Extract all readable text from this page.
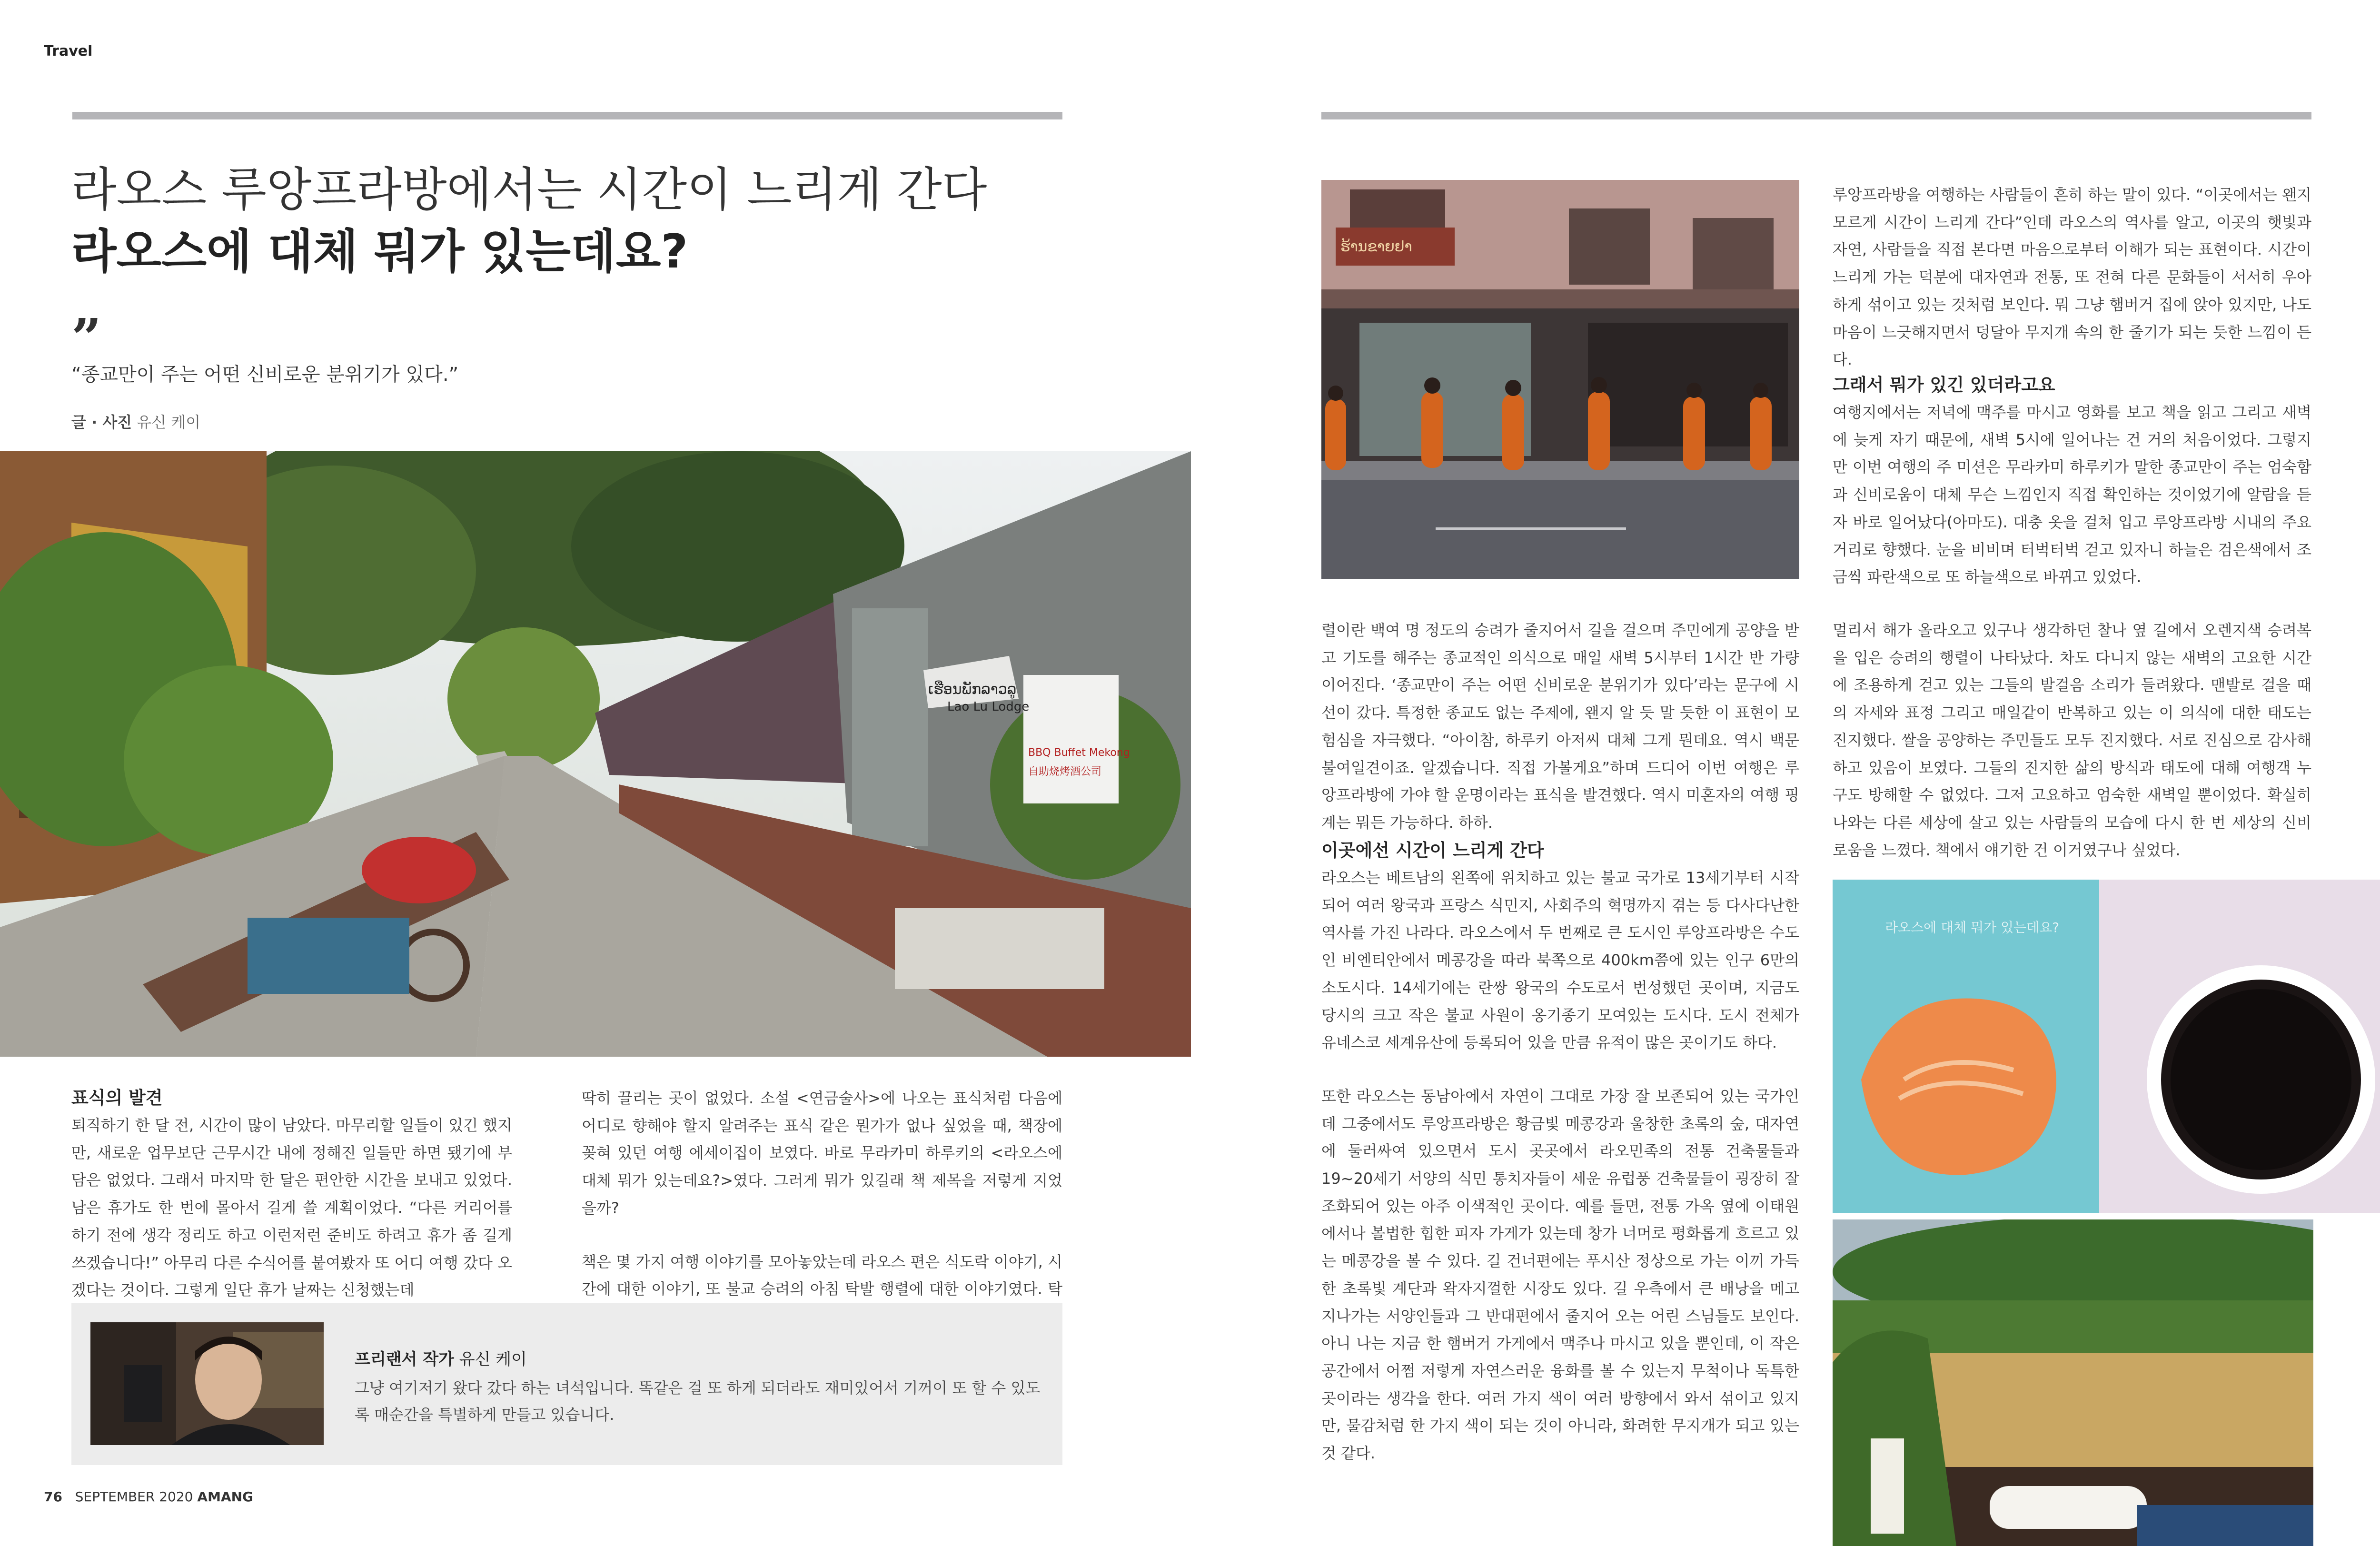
Travel
라오스 루앙프라방에서는 시간이 느리게 간다
라오스에 대체 뭐가 있는데요?
”
“종교만이 주는 어떤 신비로운 분위기가 있다.”
글 · 사진 유신 케이
ເຮືອນພັກລາວລູ
Lao Lu Lodge
BBQ Buffet Mekong
自助烧烤酒公司
표식의 발견

퇴직하기 한 달 전, 시간이 많이 남았다. 마무리할 일들이 있긴 했지만, 새로운 업무보단 근무시간 내에 정해진 일들만 하면 됐기에 부담은 없었다. 그래서 마지막 한 달은 편안한 시간을 보내고 있었다. 남은 휴가도 한 번에 몰아서 길게 쓸 계획이었다. “다른 커리어를 하기 전에 생각 정리도 하고 이런저런 준비도 하려고 휴가 좀 길게 쓰겠습니다!” 아무리 다른 수식어를 붙여봤자 또 어디 여행 갔다 오겠다는 것이다. 그렇게 일단 휴가 날짜는 신청했는데

딱히 끌리는 곳이 없었다. 소설 <연금술사>에 나오는 표식처럼 다음에 어디로 향해야 할지 알려주는 표식 같은 뭔가가 없나 싶었을 때, 책장에 꽂혀 있던 여행 에세이집이 보였다. 바로 무라카미 하루키의 <라오스에 대체 뭐가 있는데요?>였다. 그러게 뭐가 있길래 책 제목을 저렇게 지었을까?

책은 몇 가지 여행 이야기를 모아놓았는데 라오스 편은 식도락 이야기, 시간에 대한 이야기, 또 불교 승려의 아침 탁발 행렬에 대한 이야기였다. 탁

프리랜서 작가 유신 케이
그냥 여기저기 왔다 갔다 하는 녀석입니다. 똑같은 걸 또 하게 되더라도 재미있어서 기꺼이 또 할 수 있도록 매순간을 특별하게 만들고 있습니다.
76 SEPTEMBER 2020 AMANG
ຮ້ານຂາຍຢາ
라오스에 대체 뭐가 있는데요?

렬이란 백여 명 정도의 승려가 줄지어서 길을 걸으며 주민에게 공양을 받고 기도를 해주는 종교적인 의식으로 매일 새벽 5시부터 1시간 반 가량 이어진다. ‘종교만이 주는 어떤 신비로운 분위기가 있다’라는 문구에 시선이 갔다. 특정한 종교도 없는 주제에, 왠지 알 듯 말 듯한 이 표현이 모험심을 자극했다. “아이참, 하루키 아저씨 대체 그게 뭔데요. 역시 백문불여일견이죠. 알겠습니다. 직접 가볼게요”하며 드디어 이번 여행은 루앙프라방에 가야 할 운명이라는 표식을 발견했다. 역시 미혼자의 여행 핑계는 뭐든 가능하다. 하하.

이곳에선 시간이 느리게 간다

라오스는 베트남의 왼쪽에 위치하고 있는 불교 국가로 13세기부터 시작되어 여러 왕국과 프랑스 식민지, 사회주의 혁명까지 겪는 등 다사다난한 역사를 가진 나라다. 라오스에서 두 번째로 큰 도시인 루앙프라방은 수도인 비엔티안에서 메콩강을 따라 북쪽으로 400km쯤에 있는 인구 6만의 소도시다. 14세기에는 란쌍 왕국의 수도로서 번성했던 곳이며, 지금도 당시의 크고 작은 불교 사원이 옹기종기 모여있는 도시다. 도시 전체가 유네스코 세계유산에 등록되어 있을 만큼 유적이 많은 곳이기도 하다.

또한 라오스는 동남아에서 자연이 그대로 가장 잘 보존되어 있는 국가인데 그중에서도 루앙프라방은 황금빛 메콩강과 울창한 초록의 숲, 대자연에 둘러싸여 있으면서 도시 곳곳에서 라오민족의 전통 건축물들과 19~20세기 서양의 식민 통치자들이 세운 유럽풍 건축물들이 굉장히 잘 조화되어 있는 아주 이색적인 곳이다. 예를 들면, 전통 가옥 옆에 이태원에서나 볼법한 힙한 피자 가게가 있는데 창가 너머로 평화롭게 흐르고 있는 메콩강을 볼 수 있다. 길 건너편에는 푸시산 정상으로 가는 이끼 가득한 초록빛 계단과 왁자지껄한 시장도 있다. 길 우측에서 큰 배낭을 메고 지나가는 서양인들과 그 반대편에서 줄지어 오는 어린 스님들도 보인다. 아니 나는 지금 한 햄버거 가게에서 맥주나 마시고 있을 뿐인데, 이 작은 공간에서 어쩜 저렇게 자연스러운 융화를 볼 수 있는지 무척이나 독특한 곳이라는 생각을 한다. 여러 가지 색이 여러 방향에서 와서 섞이고 있지만, 물감처럼 한 가지 색이 되는 것이 아니라, 화려한 무지개가 되고 있는 것 같다.

루앙프라방을 여행하는 사람들이 흔히 하는 말이 있다. “이곳에서는 왠지 모르게 시간이 느리게 간다”인데 라오스의 역사를 알고, 이곳의 햇빛과 자연, 사람들을 직접 본다면 마음으로부터 이해가 되는 표현이다. 시간이 느리게 가는 덕분에 대자연과 전통, 또 전혀 다른 문화들이 서서히 우아하게 섞이고 있는 것처럼 보인다. 뭐 그냥 햄버거 집에 앉아 있지만, 나도 마음이 느긋해지면서 덩달아 무지개 속의 한 줄기가 되는 듯한 느낌이 든다.

그래서 뭐가 있긴 있더라고요

여행지에서는 저녁에 맥주를 마시고 영화를 보고 책을 읽고 그리고 새벽에 늦게 자기 때문에, 새벽 5시에 일어나는 건 거의 처음이었다. 그렇지만 이번 여행의 주 미션은 무라카미 하루키가 말한 종교만이 주는 엄숙함과 신비로움이 대체 무슨 느낌인지 직접 확인하는 것이었기에 알람을 듣자 바로 일어났다(아마도). 대충 옷을 걸쳐 입고 루앙프라방 시내의 주요 거리로 향했다. 눈을 비비며 터벅터벅 걷고 있자니 하늘은 검은색에서 조금씩 파란색으로 또 하늘색으로 바뀌고 있었다.

멀리서 해가 올라오고 있구나 생각하던 찰나 옆 길에서 오렌지색 승려복을 입은 승려의 행렬이 나타났다. 차도 다니지 않는 새벽의 고요한 시간에 조용하게 걷고 있는 그들의 발걸음 소리가 들려왔다. 맨발로 걸을 때의 자세와 표정 그리고 매일같이 반복하고 있는 이 의식에 대한 태도는 진지했다. 쌀을 공양하는 주민들도 모두 진지했다. 서로 진심으로 감사해하고 있음이 보였다. 그들의 진지한 삶의 방식과 태도에 대해 여행객 누구도 방해할 수 없었다. 그저 고요하고 엄숙한 새벽일 뿐이었다. 확실히 나와는 다른 세상에 살고 있는 사람들의 모습에 다시 한 번 세상의 신비로움을 느꼈다. 책에서 얘기한 건 이거였구나 싶었다.
